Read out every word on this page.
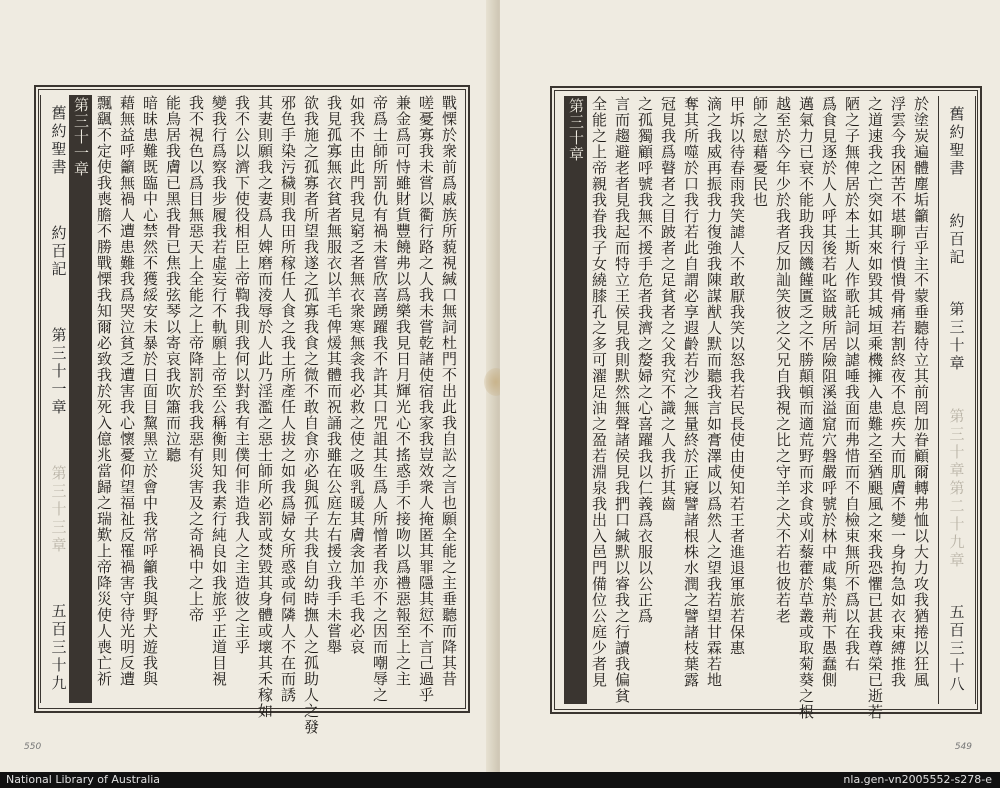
舊約聖書
約百記
第三十一章
第三十三章
五百三十九	戰慄於衆前爲戚族所藐視緘口無詞杜門不出此我自訟之言也願全能之主垂聽而降其昔
嗟憂寡我未嘗以衢行路之人我未嘗乾諸使宿我家我豈效衆人掩匿其罪隱其愆不言己過乎
兼金爲可恃雖財貨豐饒弗以爲樂我見日月輝光心不搖惑手不接吻以爲禮惡報至上之主
帝爲士師所罰仇有禍未嘗欣喜踴躍我不許其口咒詛其生爲人所憎者我亦不之因而嘲辱之
如我不由此門我見窮乏者無衣衆寒無衾我必救之使之吸乳暖其膚衾加羊毛我必哀
我見孤寡無衣貧者無服衣以羊毛俾煖其體而祝誦我雖在公庭左右援立我手未嘗舉
欲我施之孤寡者所望我遂之孤寡我食之微不敢自食亦必與孤子共我自幼時撫人之孤助人之發
邪色手染污穢則我田所稼任人食之我土所產任人拔之如我爲婦女所惑或伺隣人不在而誘
其妻則願我之妻爲人婢磨而淩辱於人此乃淫濫之惡士師所必罰或焚毀其身體或壞其禾稼如
我不公以濟下使役相臣上帝鞫我則我何以對我有主僕何非造我人之主造彼之主乎
變我行爲察我步履我若虛妄行不軌願上帝至公稱衡則知我素行純良如我旅乎正道目視
我不視色以爲目無惡天上全能之上帝降罰於我我惡有災害及之奇禍中之上帝
能鳥居我膚已黑我骨已焦我弦琴以寄哀我吹簫而泣聽
暗昧患難既臨中心禁然不獲綏安未暴於日面目黧黑立於會中我常呼籲我與野犬遊我與
藉無益呼籲無禍人遭患難我爲哭泣貧乏遭害我心懷憂仰望福祉反罹禍害守待光明反遭
飄颻不定使我喪膽不勝戰慄我知爾必致我於死入億兆當歸之瑞歎上帝降災使人喪亡祈
第三十一章
550
舊約聖書
約百記
第三十章
第三十章第二十九章
五百三十八
於塗炭遍體塵垢籲吉乎主不蒙垂聽待立其前罔加眷顧爾轉弗恤以大力攻我猶捲以狂風
浮雲今我困苦不堪聊行憒憒骨痛若割終夜不息疾大而肌膚不變一身拘急如衣束縛推我
之道速我之亡突如其來如毀其城垣乘機擁入患難之至猶颶風之來我恐懼已甚我尊榮已逝若
陋之子無俾居於本土斯人作歌託詞以謔唾我面而弗惜而不自檢束無所不爲以在我右
爲食見逐於人人呼其後若叱盜賊所居險阻溪溢窟穴磐嚴呼號於林中咸集於荊下愚蠢側
邁氣力已衰不能助我因饑饉匱乏之不勝顛頓而適荒野而求食或刈藜藿於草叢或取菊葵之根
越至於今年少於我者反加訕笑彼之父兄自我視之比之守羊之犬不若也彼若老
師之慰藉憂民也
甲坼以待春雨我笑謔人不敢厭我笑以怒我若民長使由使知若王者進退軍旅若保惠
滴之我威再振我力復強我陳謀猷人默而聽我言如膏澤咸以爲然人之望我若望甘霖若地
奪其所噬於口我行若此自謂必享遐齡若沙之無量終於正寢譬諸根株水潤之譬諸枝葉露
冠見我爲瞽者之目跛者之足貧者之父我究不識之人我折其齒
之孤獨顧呼號我無不援手危者我濟之嫠婦之心喜躍我以仁義爲衣服以公正爲
言而趨避老者見我起而特立王侯見我則默然無聲諸侯見我捫口緘默以睿我之行讀我偏貧
全能之上帝親我眷我子女繞膝孔之多可濯足油之盈若淵泉我出入邑門備位公庭少者見
第三十章
549
National Library of Australia	nla.gen-vn2005552-s278-e
